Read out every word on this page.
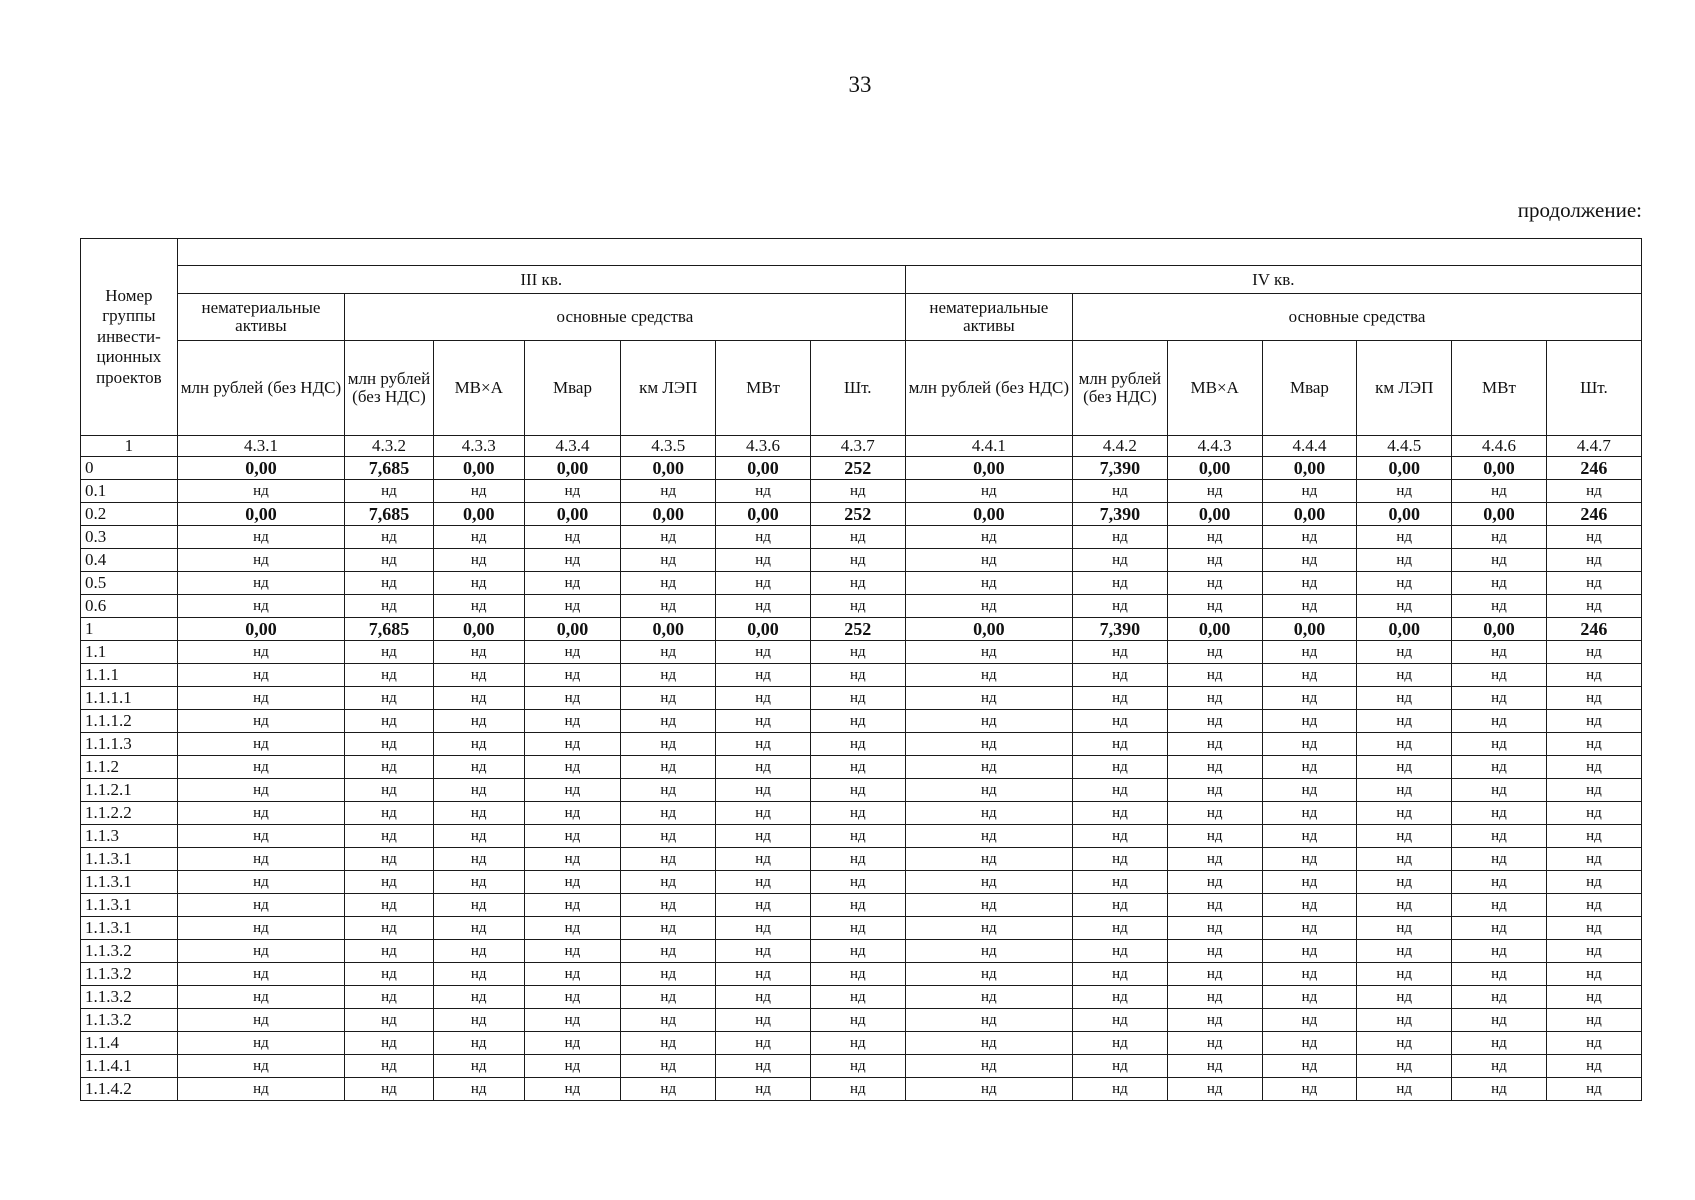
33
продолжение:
Номер группы инвести-ционных проектов														
	III кв.							IV кв.						
	нематериальные активы	основные средства						нематериальные активы	основные средства					
	млн рублей (без НДС)	млн рублей (без НДС)	МВ×А	Мвар	км ЛЭП	МВт	Шт.	млн рублей (без НДС)	млн рублей (без НДС)	МВ×А	Мвар	км ЛЭП	МВт	Шт.
1	4.3.1	4.3.2	4.3.3	4.3.4	4.3.5	4.3.6	4.3.7	4.4.1	4.4.2	4.4.3	4.4.4	4.4.5	4.4.6	4.4.7
0	0,00	7,685	0,00	0,00	0,00	0,00	252	0,00	7,390	0,00	0,00	0,00	0,00	246
0.1	нд	нд	нд	нд	нд	нд	нд	нд	нд	нд	нд	нд	нд	нд
0.2	0,00	7,685	0,00	0,00	0,00	0,00	252	0,00	7,390	0,00	0,00	0,00	0,00	246
0.3	нд	нд	нд	нд	нд	нд	нд	нд	нд	нд	нд	нд	нд	нд
0.4	нд	нд	нд	нд	нд	нд	нд	нд	нд	нд	нд	нд	нд	нд
0.5	нд	нд	нд	нд	нд	нд	нд	нд	нд	нд	нд	нд	нд	нд
0.6	нд	нд	нд	нд	нд	нд	нд	нд	нд	нд	нд	нд	нд	нд
1	0,00	7,685	0,00	0,00	0,00	0,00	252	0,00	7,390	0,00	0,00	0,00	0,00	246
1.1	нд	нд	нд	нд	нд	нд	нд	нд	нд	нд	нд	нд	нд	нд
1.1.1	нд	нд	нд	нд	нд	нд	нд	нд	нд	нд	нд	нд	нд	нд
1.1.1.1	нд	нд	нд	нд	нд	нд	нд	нд	нд	нд	нд	нд	нд	нд
1.1.1.2	нд	нд	нд	нд	нд	нд	нд	нд	нд	нд	нд	нд	нд	нд
1.1.1.3	нд	нд	нд	нд	нд	нд	нд	нд	нд	нд	нд	нд	нд	нд
1.1.2	нд	нд	нд	нд	нд	нд	нд	нд	нд	нд	нд	нд	нд	нд
1.1.2.1	нд	нд	нд	нд	нд	нд	нд	нд	нд	нд	нд	нд	нд	нд
1.1.2.2	нд	нд	нд	нд	нд	нд	нд	нд	нд	нд	нд	нд	нд	нд
1.1.3	нд	нд	нд	нд	нд	нд	нд	нд	нд	нд	нд	нд	нд	нд
1.1.3.1	нд	нд	нд	нд	нд	нд	нд	нд	нд	нд	нд	нд	нд	нд
1.1.3.1	нд	нд	нд	нд	нд	нд	нд	нд	нд	нд	нд	нд	нд	нд
1.1.3.1	нд	нд	нд	нд	нд	нд	нд	нд	нд	нд	нд	нд	нд	нд
1.1.3.1	нд	нд	нд	нд	нд	нд	нд	нд	нд	нд	нд	нд	нд	нд
1.1.3.2	нд	нд	нд	нд	нд	нд	нд	нд	нд	нд	нд	нд	нд	нд
1.1.3.2	нд	нд	нд	нд	нд	нд	нд	нд	нд	нд	нд	нд	нд	нд
1.1.3.2	нд	нд	нд	нд	нд	нд	нд	нд	нд	нд	нд	нд	нд	нд
1.1.3.2	нд	нд	нд	нд	нд	нд	нд	нд	нд	нд	нд	нд	нд	нд
1.1.4	нд	нд	нд	нд	нд	нд	нд	нд	нд	нд	нд	нд	нд	нд
1.1.4.1	нд	нд	нд	нд	нд	нд	нд	нд	нд	нд	нд	нд	нд	нд
1.1.4.2	нд	нд	нд	нд	нд	нд	нд	нд	нд	нд	нд	нд	нд	нд
